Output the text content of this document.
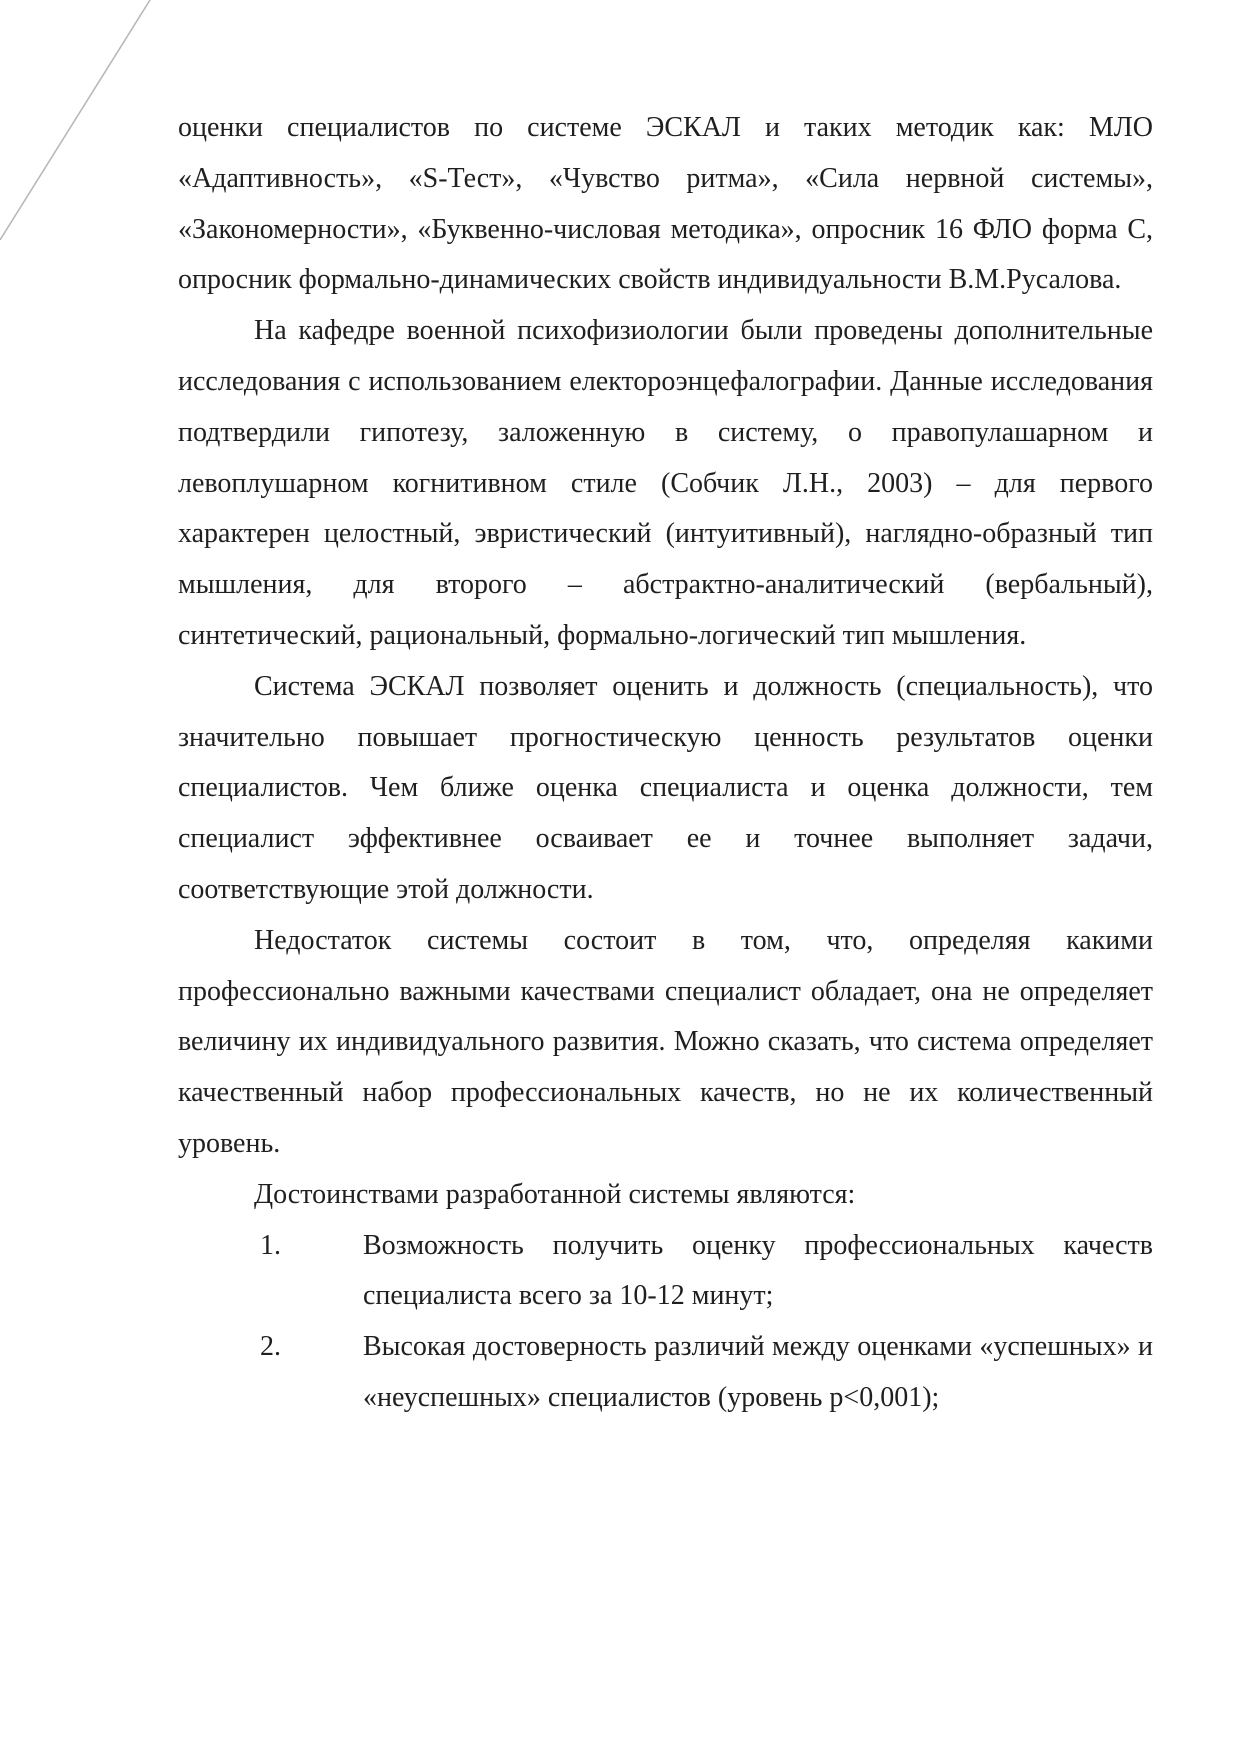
оценки специалистов по системе ЭСКАЛ и таких методик как: МЛО «Адаптивность», «S-Тест», «Чувство ритма», «Сила нервной системы», «Закономерности», «Буквенно-числовая методика», опросник 16 ФЛО форма С, опросник формально-динамических свойств индивидуальности В.М.Русалова.

На кафедре военной психофизиологии были проведены дополнительные исследования с использованием електороэнцефалографии. Данные исследования подтвердили гипотезу, заложенную в систему, о правопулашарном и левоплушарном когнитивном стиле (Собчик Л.Н., 2003) – для первого характерен целостный, эвристический (интуитивный), наглядно-образный тип мышления, для второго – абстрактно-аналитический (вербальный), синтетический, рациональный, формально-логический тип мышления.

Система ЭСКАЛ позволяет оценить и должность (специальность), что значительно повышает прогностическую ценность результатов оценки специалистов. Чем ближе оценка специалиста и оценка должности, тем специалист эффективнее осваивает ее и точнее выполняет задачи, соответствующие этой должности.

Недостаток системы состоит в том, что, определяя какими профессионально важными качествами специалист обладает, она не определяет величину их индивидуального развития. Можно сказать, что система определяет качественный набор профессиональных качеств, но не их количественный уровень.

Достоинствами разработанной системы являются:

1.	Возможность получить оценку профессиональных качеств специалиста всего за 10-12 минут;
2.	Высокая достоверность различий между оценками «успешных» и «неуспешных» специалистов (уровень p<0,001);
